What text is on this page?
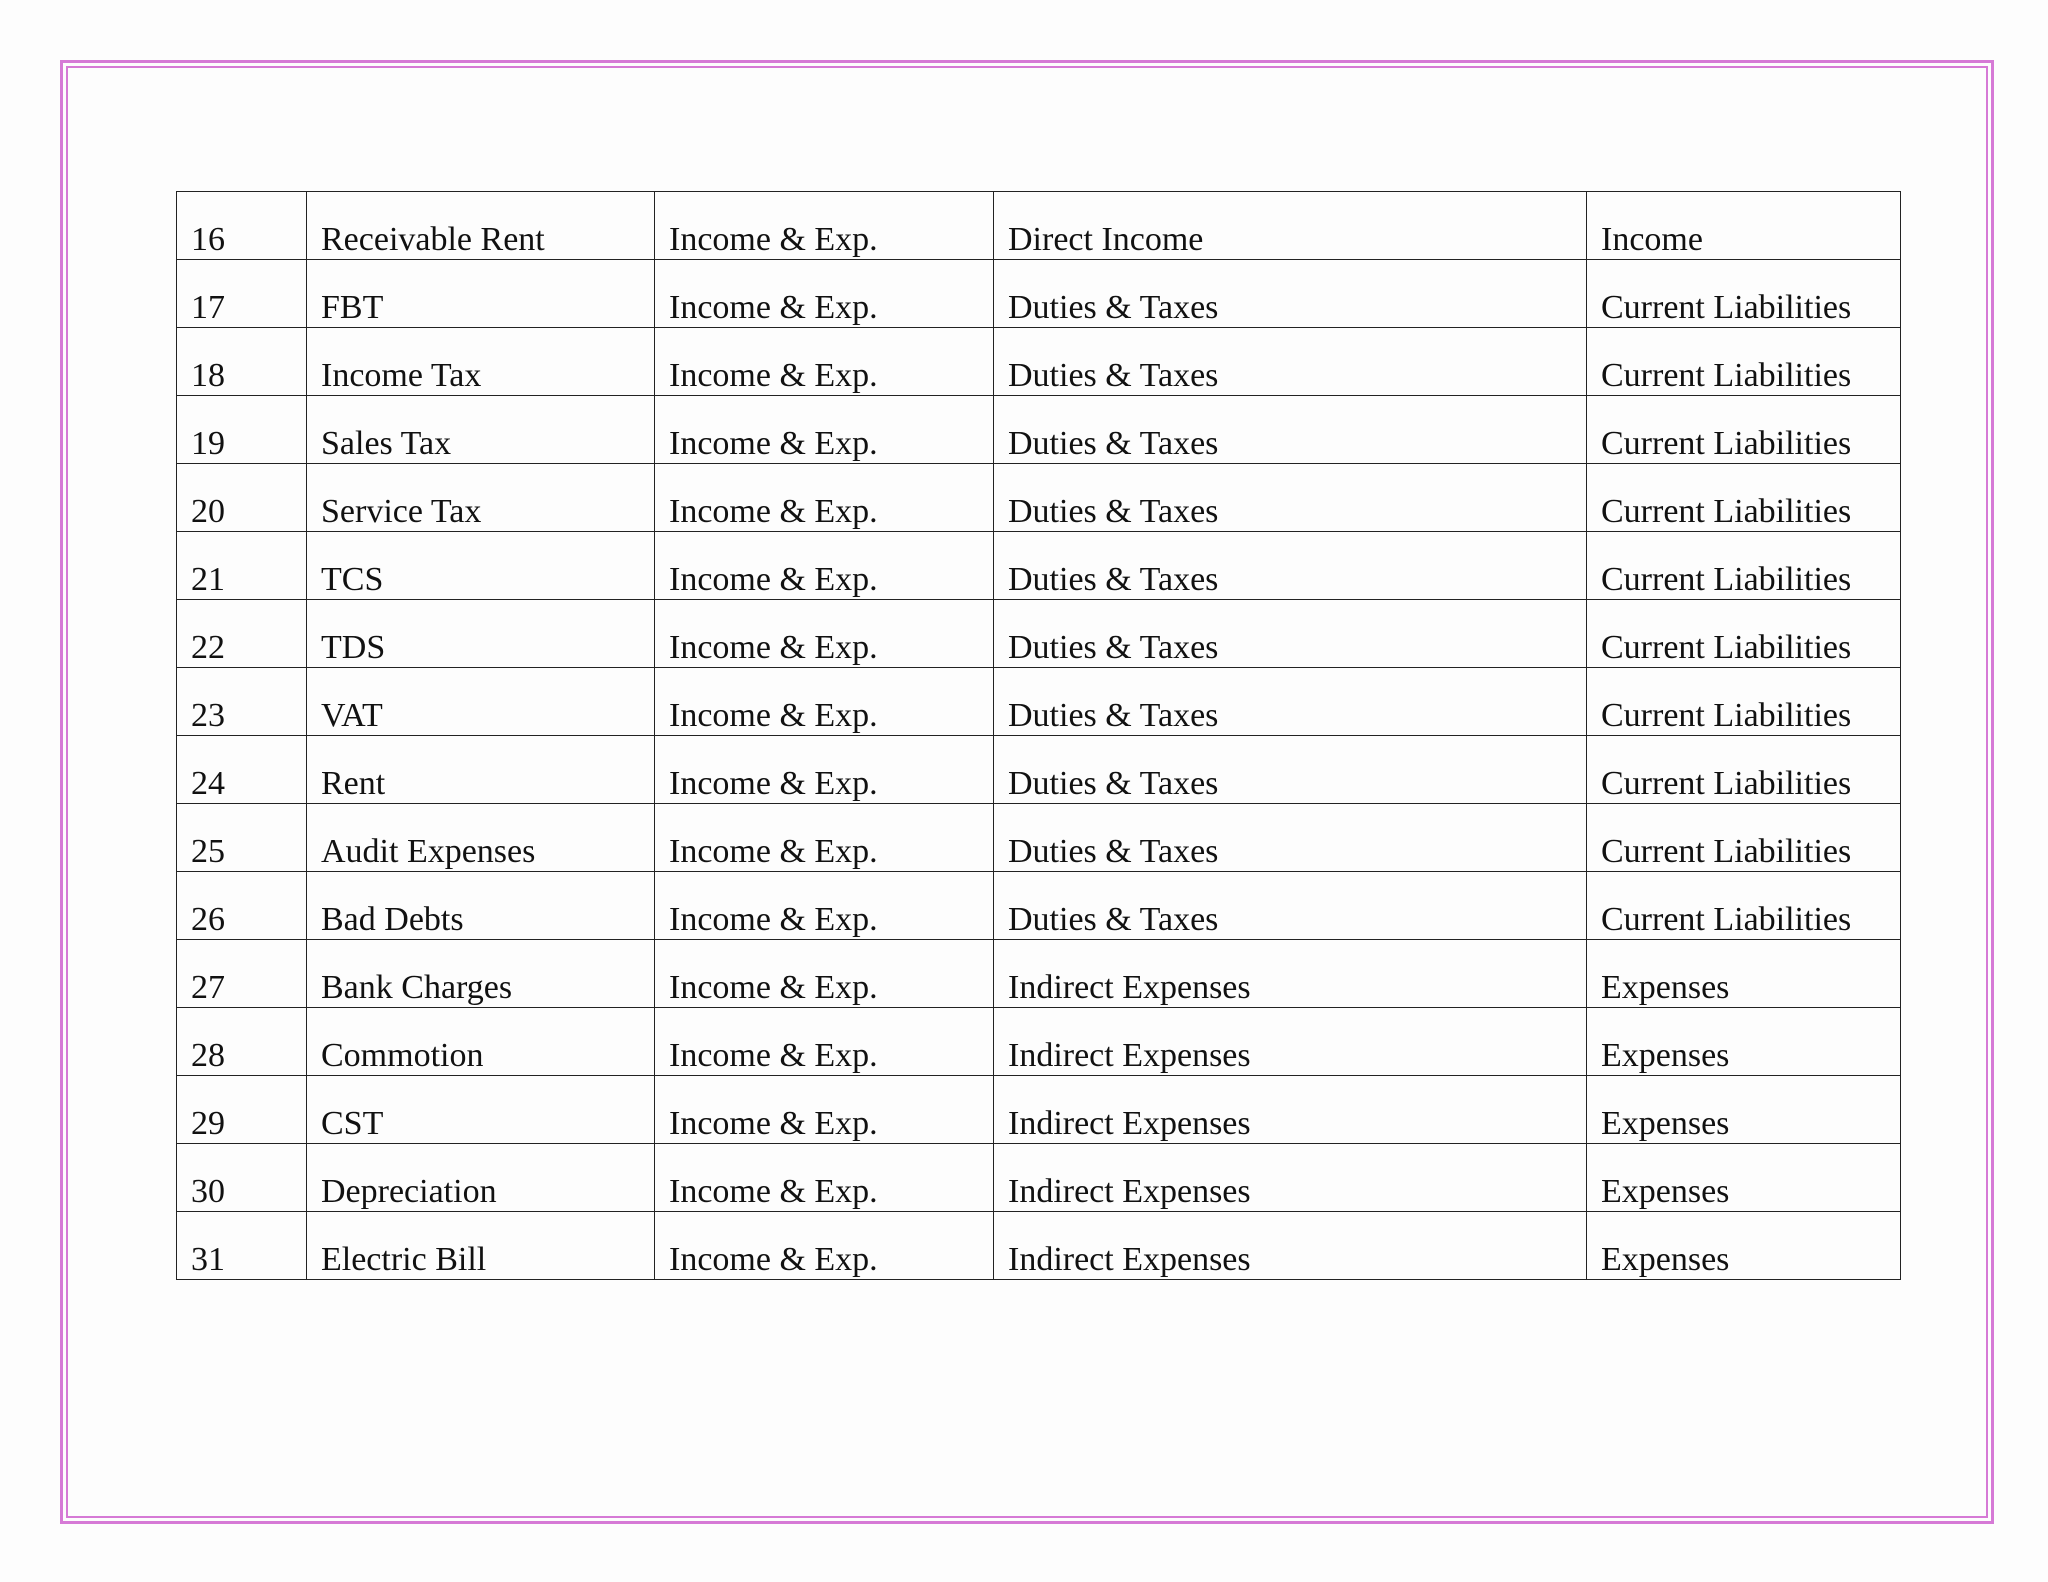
16	Receivable Rent	Income & Exp.	Direct Income	Income
17	FBT	Income & Exp.	Duties & Taxes	Current Liabilities
18	Income Tax	Income & Exp.	Duties & Taxes	Current Liabilities
19	Sales Tax	Income & Exp.	Duties & Taxes	Current Liabilities
20	Service Tax	Income & Exp.	Duties & Taxes	Current Liabilities
21	TCS	Income & Exp.	Duties & Taxes	Current Liabilities
22	TDS	Income & Exp.	Duties & Taxes	Current Liabilities
23	VAT	Income & Exp.	Duties & Taxes	Current Liabilities
24	Rent	Income & Exp.	Duties & Taxes	Current Liabilities
25	Audit Expenses	Income & Exp.	Duties & Taxes	Current Liabilities
26	Bad Debts	Income & Exp.	Duties & Taxes	Current Liabilities
27	Bank Charges	Income & Exp.	Indirect Expenses	Expenses
28	Commotion	Income & Exp.	Indirect Expenses	Expenses
29	CST	Income & Exp.	Indirect Expenses	Expenses
30	Depreciation	Income & Exp.	Indirect Expenses	Expenses
31	Electric Bill	Income & Exp.	Indirect Expenses	Expenses
